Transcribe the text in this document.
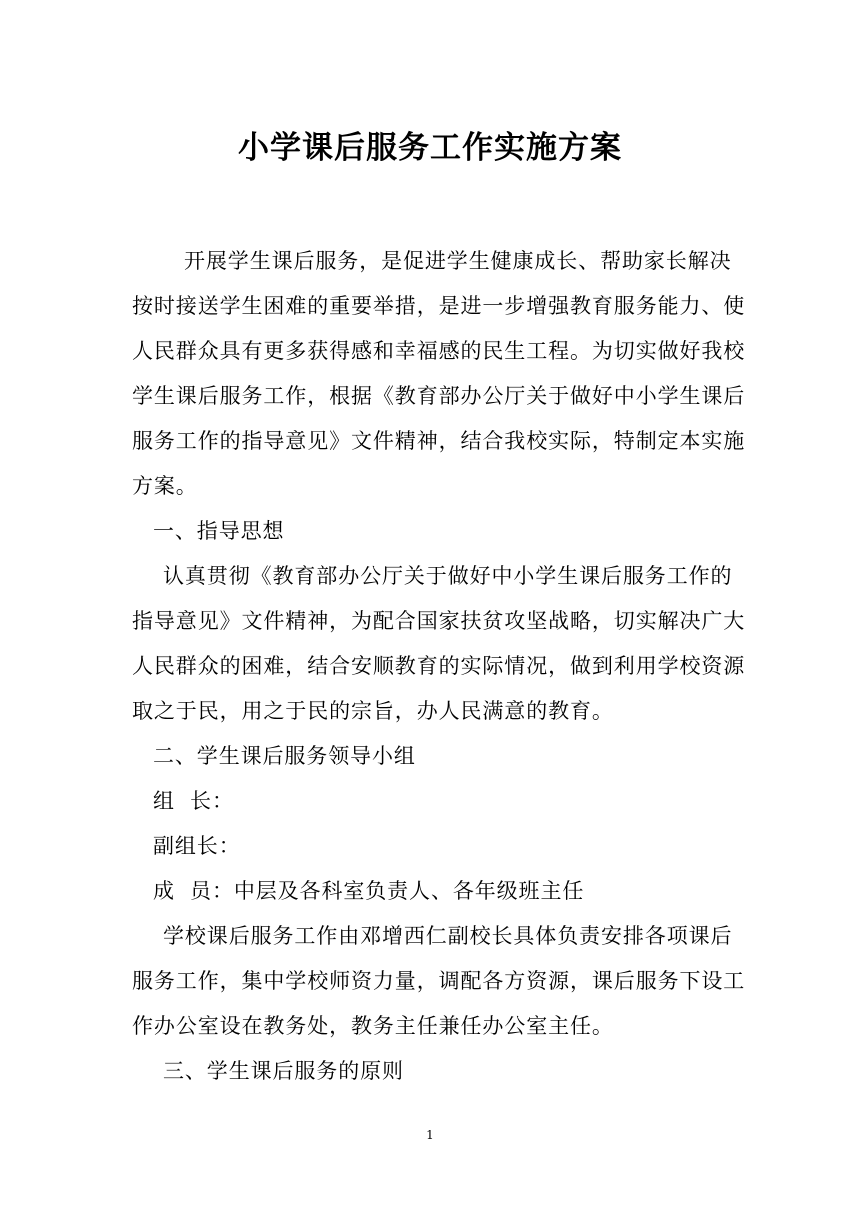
小学课后服务工作实施方案
开展学生课后服务，是促进学生健康成长、帮助家长解决
按时接送学生困难的重要举措，是进一步增强教育服务能力、使
人民群众具有更多获得感和幸福感的民生工程。为切实做好我校
学生课后服务工作，根据《教育部办公厅关于做好中小学生课后
服务工作的指导意见》文件精神，结合我校实际，特制定本实施
方案。
一、指导思想
认真贯彻《教育部办公厅关于做好中小学生课后服务工作的
指导意见》文件精神，为配合国家扶贫攻坚战略，切实解决广大
人民群众的困难，结合安顺教育的实际情况，做到利用学校资源
取之于民，用之于民的宗旨，办人民满意的教育。
二、学生课后服务领导小组
组  长：
副组长：
成  员：中层及各科室负责人、各年级班主任
学校课后服务工作由邓增西仁副校长具体负责安排各项课后
服务工作，集中学校师资力量，调配各方资源，课后服务下设工
作办公室设在教务处，教务主任兼任办公室主任。
三、学生课后服务的原则
1
